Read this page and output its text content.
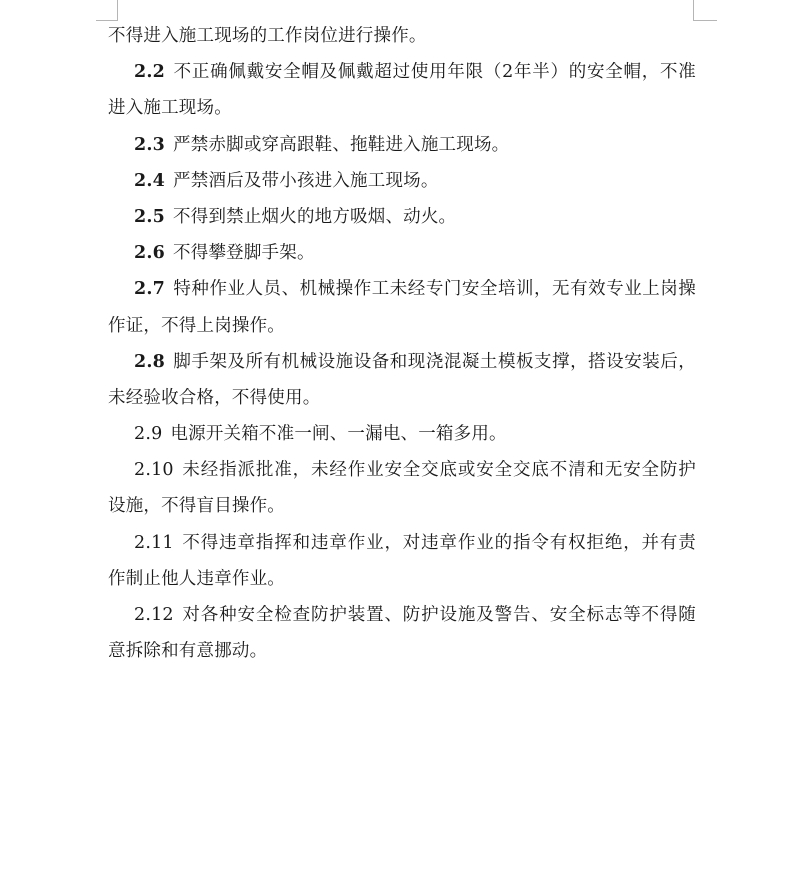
不得进入施工现场的工作岗位进行操作。
2.2 不正确佩戴安全帽及佩戴超过使用年限（2年半）的安全帽，不准
进入施工现场。
2.3 严禁赤脚或穿高跟鞋、拖鞋进入施工现场。
2.4 严禁酒后及带小孩进入施工现场。
2.5 不得到禁止烟火的地方吸烟、动火。
2.6 不得攀登脚手架。
2.7 特种作业人员、机械操作工未经专门安全培训，无有效专业上岗操
作证，不得上岗操作。
2.8 脚手架及所有机械设施设备和现浇混凝土模板支撑，搭设安装后，
未经验收合格，不得使用。
2.9 电源开关箱不准一闸、一漏电、一箱多用。
2.10 未经指派批准，未经作业安全交底或安全交底不清和无安全防护
设施，不得盲目操作。
2.11 不得违章指挥和违章作业，对违章作业的指令有权拒绝，并有责
作制止他人违章作业。
2.12 对各种安全检查防护装置、防护设施及警告、安全标志等不得随
意拆除和有意挪动。
